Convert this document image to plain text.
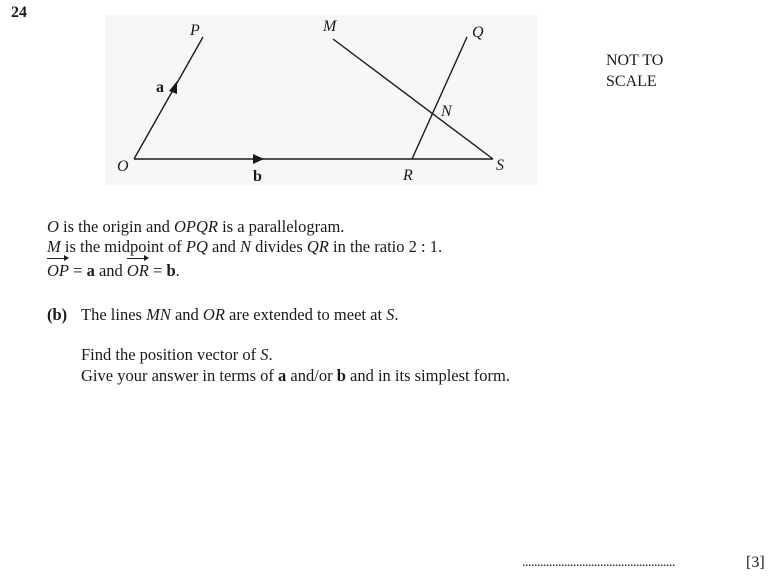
24
P	M	Q
N
O
R
S
a
b
NOT TO
SCALE
O is the origin and OPQR is a parallelogram.
M is the midpoint of PQ and N divides QR in the ratio 2 : 1.
OP = a and OR = b.
(b) The lines MN and OR are extended to meet at S.
Find the position vector of S.
Give your answer in terms of a and/or b and in its simplest form.
...................................................	[3]
